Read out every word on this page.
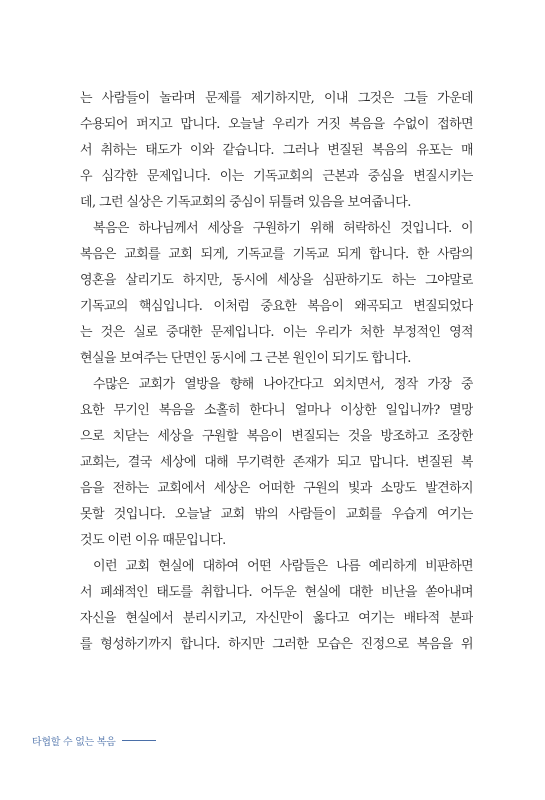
는 사람들이 놀라며 문제를 제기하지만, 이내 그것은 그들 가운데
수용되어 퍼지고 맙니다. 오늘날 우리가 거짓 복음을 수없이 접하면
서 취하는 태도가 이와 같습니다. 그러나 변질된 복음의 유포는 매
우 심각한 문제입니다. 이는 기독교회의 근본과 중심을 변질시키는
데, 그런 실상은 기독교회의 중심이 뒤틀려 있음을 보여줍니다.
복음은 하나님께서 세상을 구원하기 위해 허락하신 것입니다. 이
복음은 교회를 교회 되게, 기독교를 기독교 되게 합니다. 한 사람의
영혼을 살리기도 하지만, 동시에 세상을 심판하기도 하는 그야말로
기독교의 핵심입니다. 이처럼 중요한 복음이 왜곡되고 변질되었다
는 것은 실로 중대한 문제입니다. 이는 우리가 처한 부정적인 영적
현실을 보여주는 단면인 동시에 그 근본 원인이 되기도 합니다.
수많은 교회가 열방을 향해 나아간다고 외치면서, 정작 가장 중
요한 무기인 복음을 소홀히 한다니 얼마나 이상한 일입니까? 멸망
으로 치닫는 세상을 구원할 복음이 변질되는 것을 방조하고 조장한
교회는, 결국 세상에 대해 무기력한 존재가 되고 맙니다. 변질된 복
음을 전하는 교회에서 세상은 어떠한 구원의 빛과 소망도 발견하지
못할 것입니다. 오늘날 교회 밖의 사람들이 교회를 우습게 여기는
것도 이런 이유 때문입니다.
이런 교회 현실에 대하여 어떤 사람들은 나름 예리하게 비판하면
서 폐쇄적인 태도를 취합니다. 어두운 현실에 대한 비난을 쏟아내며
자신을 현실에서 분리시키고, 자신만이 옳다고 여기는 배타적 분파
를 형성하기까지 합니다. 하지만 그러한 모습은 진정으로 복음을 위
타협할 수 없는 복음
